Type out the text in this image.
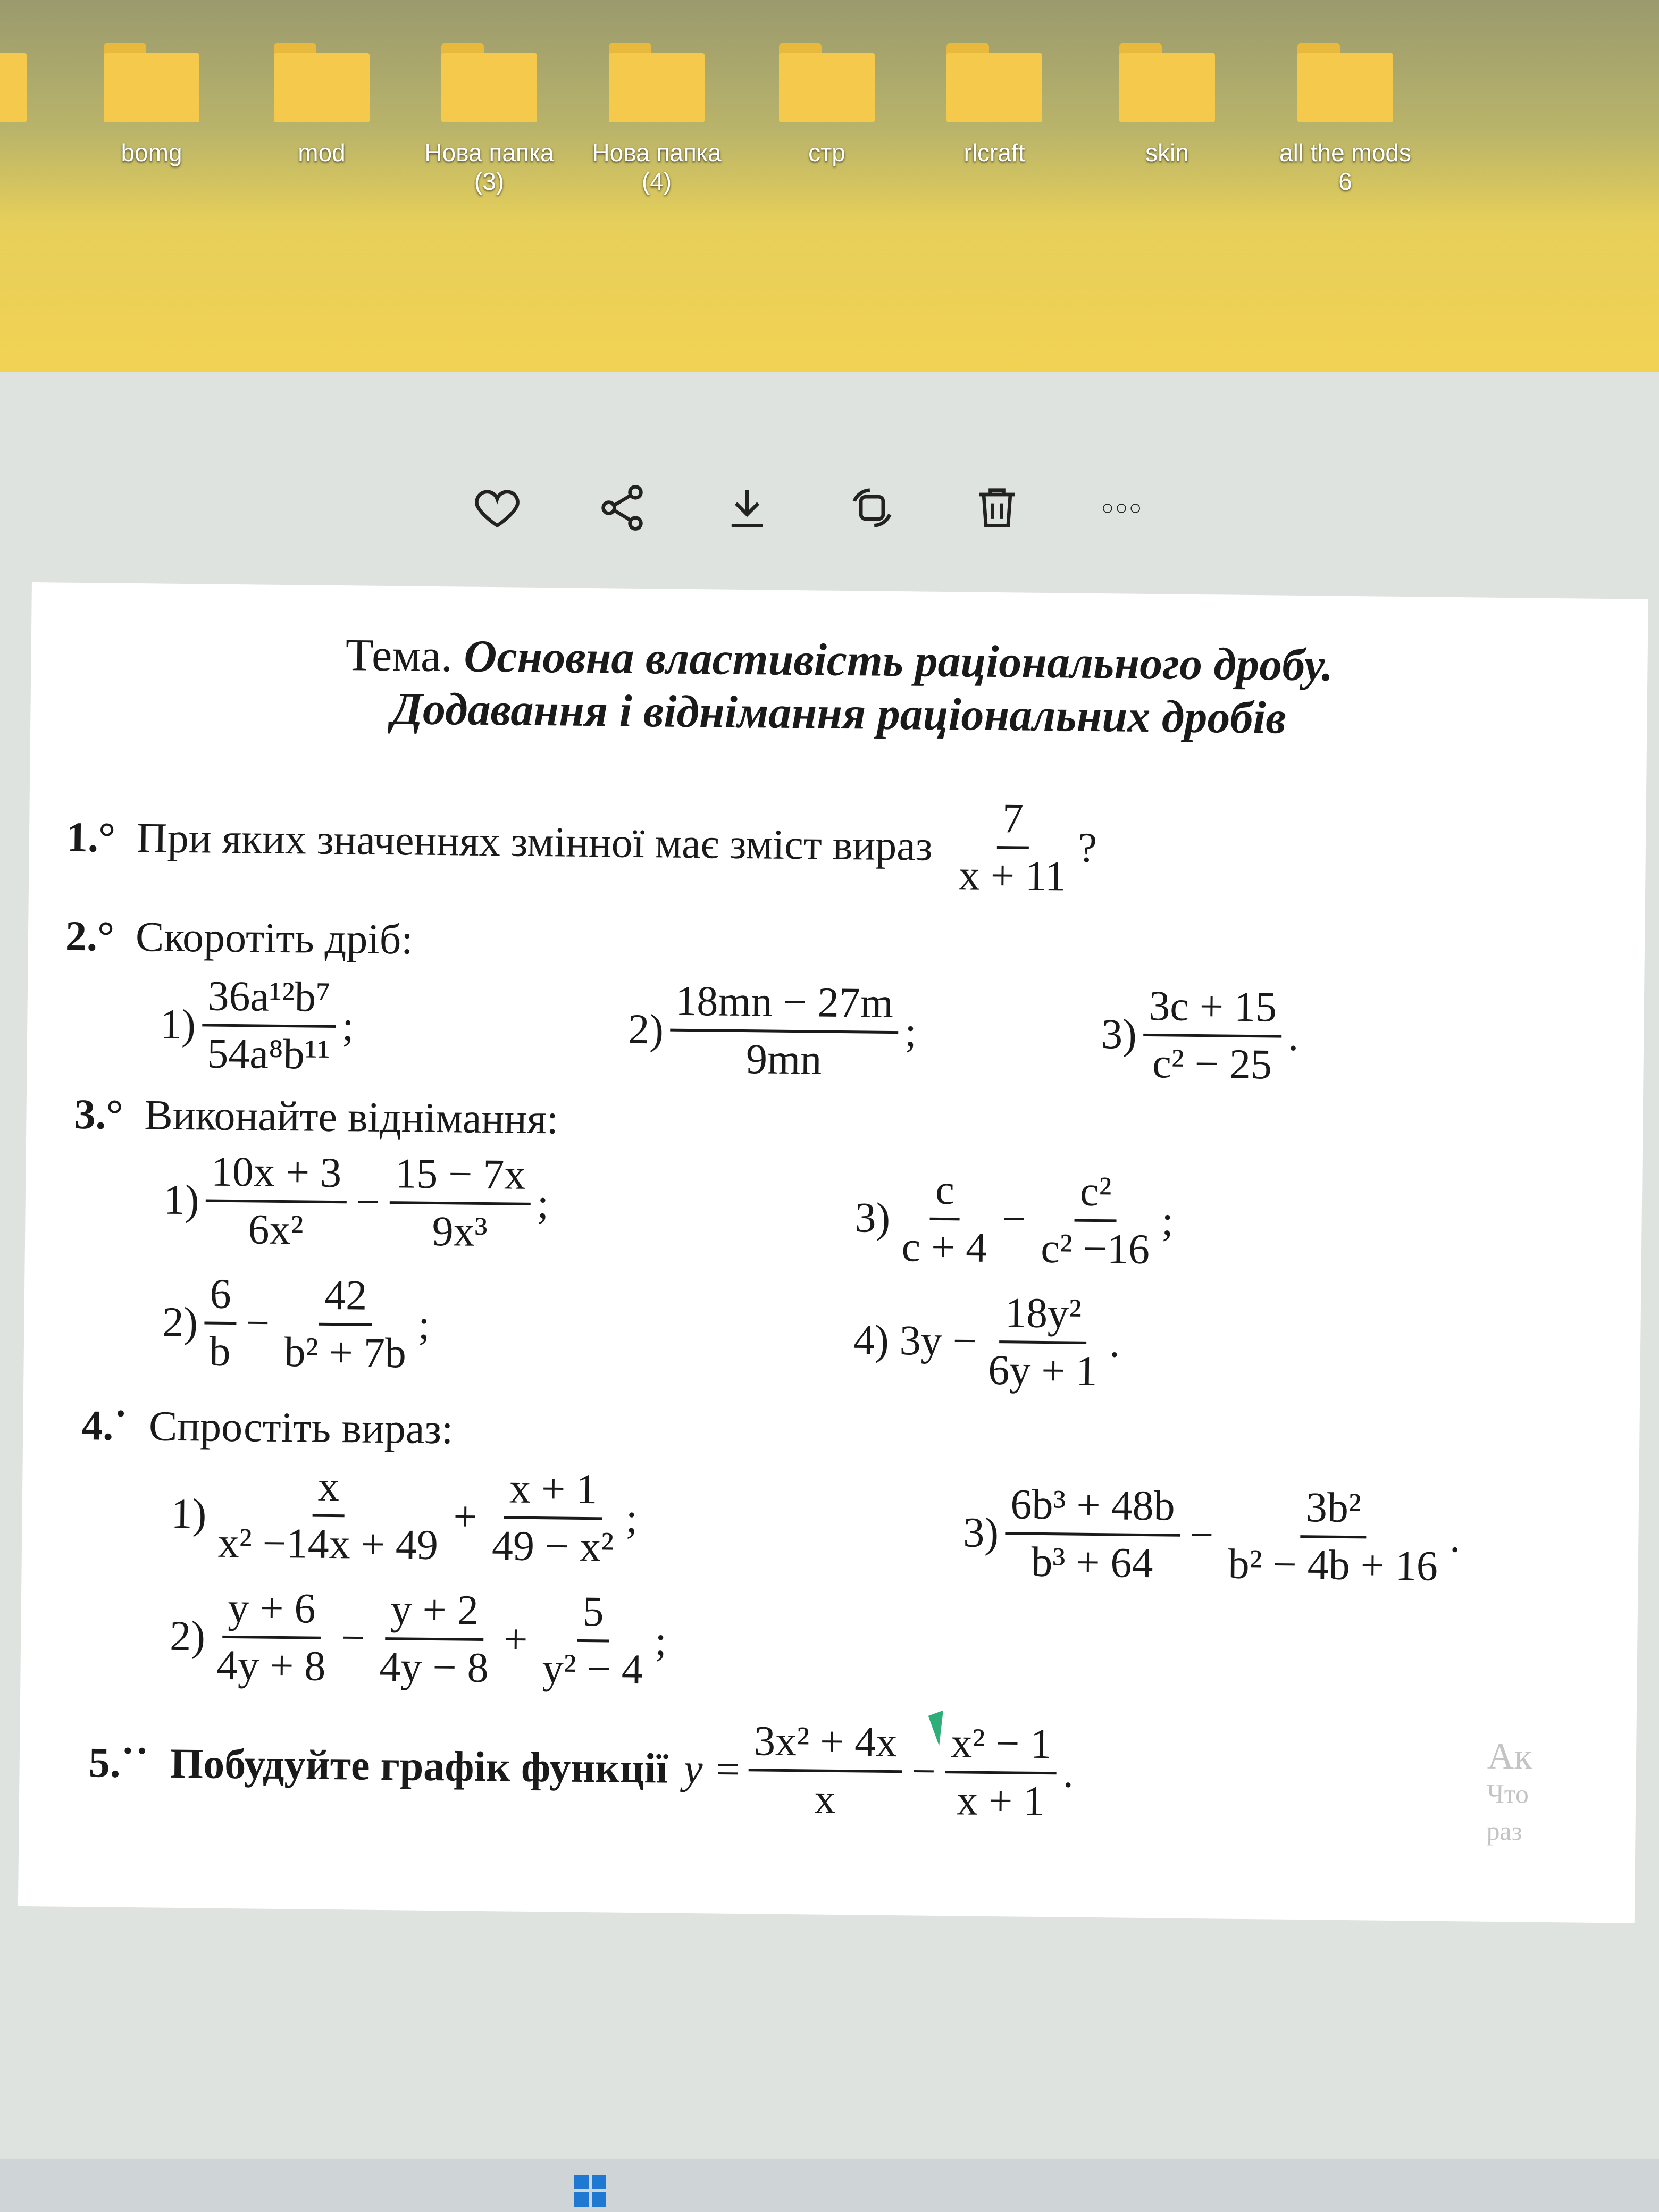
bomg	mod	Нова папка
(3)
Нова папка
(4)
стр	rlcraft	skin	all the mods
6
○○○
Тема. Основна властивість раціонального дробу.
Додавання і віднімання раціональних дробів
1.° При яких значеннях змінної має зміст вираз $\frac{7}{x + 11}$ ?
2.° Скоротіть дріб:
$1) \frac{\text{36a¹²b⁷}}{\text{54a⁸b¹¹}}$ ;	$2) \frac{18mn - 27m}{9mn}$ ;	$3) \frac{3c + 15}{\text{c² − 25}}$ .
3.° Виконайте віднімання:
$1) \frac{10x + 3}{\text{6x²}} - \frac{15 - 7x}{\text{9x³}}$ ;	$3) \frac{c}{c + 4} - \frac{\text{c²}}{\text{c² −16}}$ ;
$2) \frac{6}{b} - \frac{42}{\text{b² + 7b}}$ ;	4) $3y - \frac{\text{18y²}}{6y + 1}$ .
4.˙ Спростіть вираз:
$1) \frac{x}{\text{x² −14x + 49}} + \frac{x + 1}{\text{49 − x²}}$ ;	$3) \frac{\text{6b³ + 48b}}{\text{b³ + 64}} - \frac{\text{3b²}}{\text{b² − 4b + 16}}$ .
$2) \frac{y + 6}{4y + 8} - \frac{y + 2}{4y - 8} + \frac{5}{\text{y² − 4}}$ ;
5.˙˙ Побудуйте графік функції $y = \frac{\text{3x² + 4x}}{x} - \frac{\text{x² − 1}}{x + 1}$ .	Ак
Что
раз
